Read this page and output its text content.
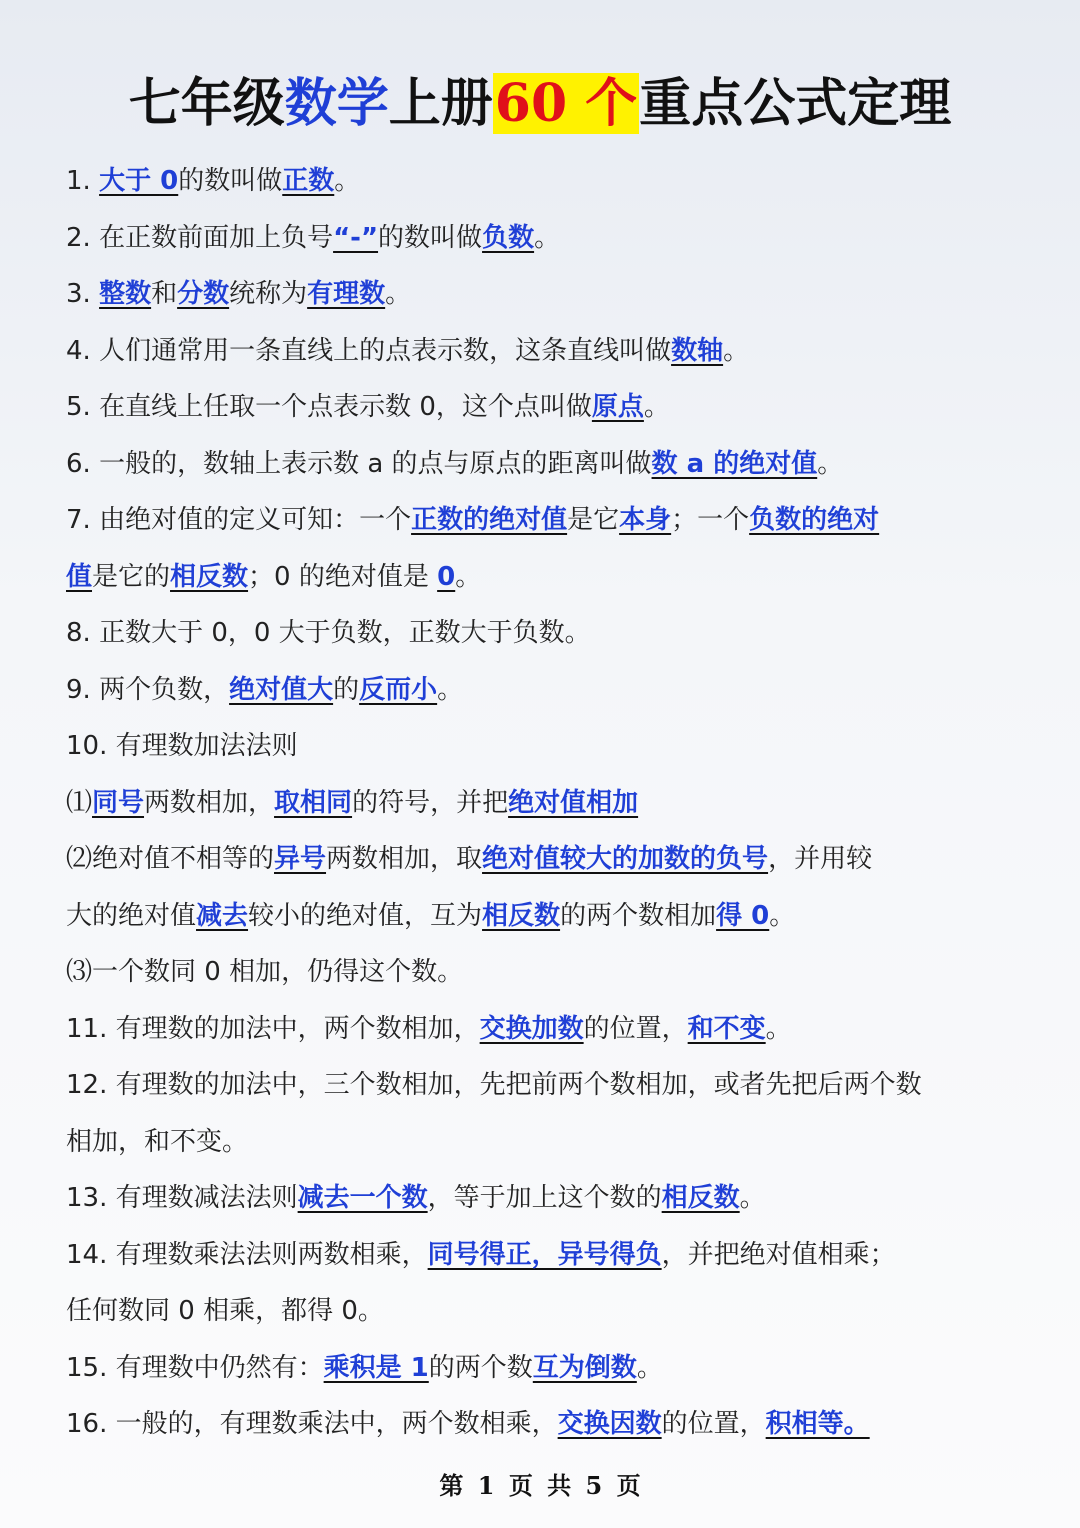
七年级数学上册60 个重点公式定理
1. 大于 0的数叫做正数。
2. 在正数前面加上负号“-”的数叫做负数。
3. 整数和分数统称为有理数。
4. 人们通常用一条直线上的点表示数，这条直线叫做数轴。
5. 在直线上任取一个点表示数 0，这个点叫做原点。
6. 一般的，数轴上表示数 a 的点与原点的距离叫做数 a 的绝对值。
7. 由绝对值的定义可知：一个正数的绝对值是它本身；一个负数的绝对
值是它的相反数；0 的绝对值是 0。
8. 正数大于 0，0 大于负数，正数大于负数。
9. 两个负数，绝对值大的反而小。
10. 有理数加法法则
⑴同号两数相加，取相同的符号，并把绝对值相加
⑵绝对值不相等的异号两数相加，取绝对值较大的加数的负号，并用较
大的绝对值减去较小的绝对值，互为相反数的两个数相加得 0。
⑶一个数同 0 相加，仍得这个数。
11. 有理数的加法中，两个数相加，交换加数的位置，和不变。
12. 有理数的加法中，三个数相加，先把前两个数相加，或者先把后两个数
相加，和不变。
13. 有理数减法法则减去一个数，等于加上这个数的相反数。
14. 有理数乘法法则两数相乘，同号得正，异号得负，并把绝对值相乘；
任何数同 0 相乘，都得 0。
15. 有理数中仍然有：乘积是 1的两个数互为倒数。
16. 一般的，有理数乘法中，两个数相乘，交换因数的位置，积相等。
第 1 页 共 5 页
